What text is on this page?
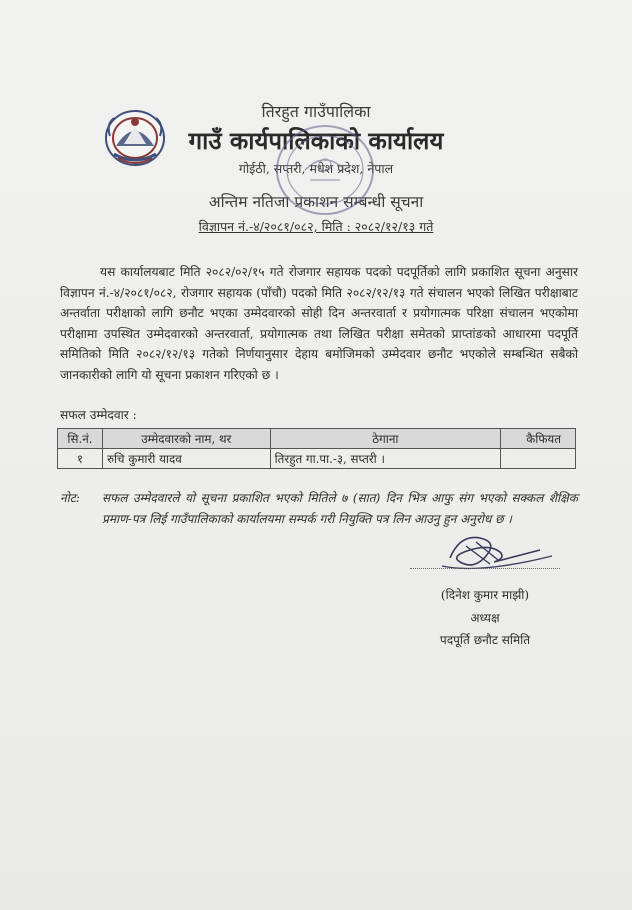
तिरहुत गाउँपालिका
गाउँ कार्यपालिकाको कार्यालय
गोईठी, सप्तरी, मधेश प्रदेश, नेपाल
अन्तिम नतिजा प्रकाशन सम्बन्धी सूचना
विज्ञापन नं.-४/२०८१/०८२, मिति : २०८२/१२/१३ गते
यस कार्यालयबाट मिति २०८२/०२/१५ गते रोजगार सहायक पदको पदपूर्तिको लागि प्रकाशित सूचना अनुसार विज्ञापन नं.-४/२०८१/०८२, रोजगार सहायक (पाँचौ) पदको मिति २०८२/१२/१३ गते संचालन भएको लिखित परीक्षाबाट अन्तर्वाता परीक्षाको लागि छनौट भएका उम्मेदवारको सोही दिन अन्तरवार्ता र प्रयोगात्मक परिक्षा संचालन भएकोमा परीक्षामा उपस्थित उम्मेदवारको अन्तरवार्ता, प्रयोगात्मक तथा लिखित परीक्षा समेतको प्राप्तांङको आधारमा पदपूर्ति समितिको मिति २०८२/१२/१३ गतेको निर्णयानुसार देहाय बमोजिमको उम्मेदवार छनौट भएकोले सम्बन्धित सबैको जानकारीको लागि यो सूचना प्रकाशन गरिएको छ ।
सफल उम्मेदवार :
सि.नं.	उम्मेदवारको नाम, थर	ठेगाना	कैफियत
१	रुचि कुमारी यादव	तिरहुत गा.पा.-३, सप्तरी ।	
नोट:	सफल उम्मेदवारले यो सूचना प्रकाशित भएको मितिले ७ (सात) दिन भित्र आफु संग भएको सक्कल शैक्षिक प्रमाण-पत्र लिई गाउँपालिकाको कार्यालयमा सम्पर्क गरी नियुक्ति पत्र लिन आउनु हुन अनुरोध छ ।
(दिनेश कुमार माझी)
अध्यक्ष
पदपूर्ति छनौट समिति
